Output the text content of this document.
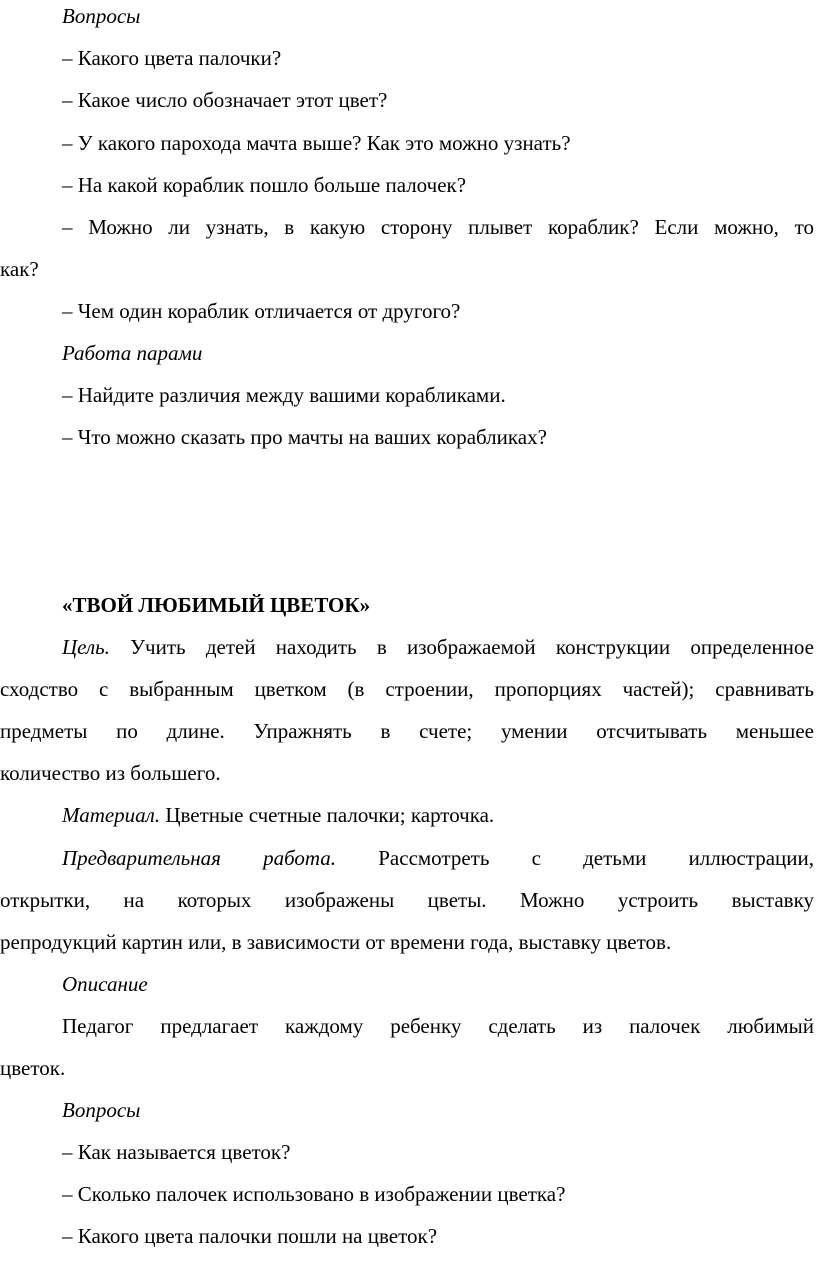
Вопросы
– Какого цвета палочки?
– Какое число обозначает этот цвет?
– У какого парохода мачта выше? Как это можно узнать?
– На какой кораблик пошло больше палочек?
– Можно ли узнать, в какую сторону плывет кораблик? Если можно, то
как?
– Чем один кораблик отличается от другого?
Работа парами
– Найдите различия между вашими корабликами.
– Что можно сказать про мачты на ваших корабликах?
«ТВОЙ ЛЮБИМЫЙ ЦВЕТОК»
Цель. Учить детей находить в изображаемой конструкции определенное
сходство с выбранным цветком (в строении, пропорциях частей); сравнивать
предметы по длине. Упражнять в счете; умении отсчитывать меньшее
количество из большего.
Материал. Цветные счетные палочки; карточка.
Предварительная работа. Рассмотреть с детьми иллюстрации,
открытки, на которых изображены цветы. Можно устроить выставку
репродукций картин или, в зависимости от времени года, выставку цветов.
Описание
Педагог предлагает каждому ребенку сделать из палочек любимый
цветок.
Вопросы
– Как называется цветок?
– Сколько палочек использовано в изображении цветка?
– Какого цвета палочки пошли на цветок?
